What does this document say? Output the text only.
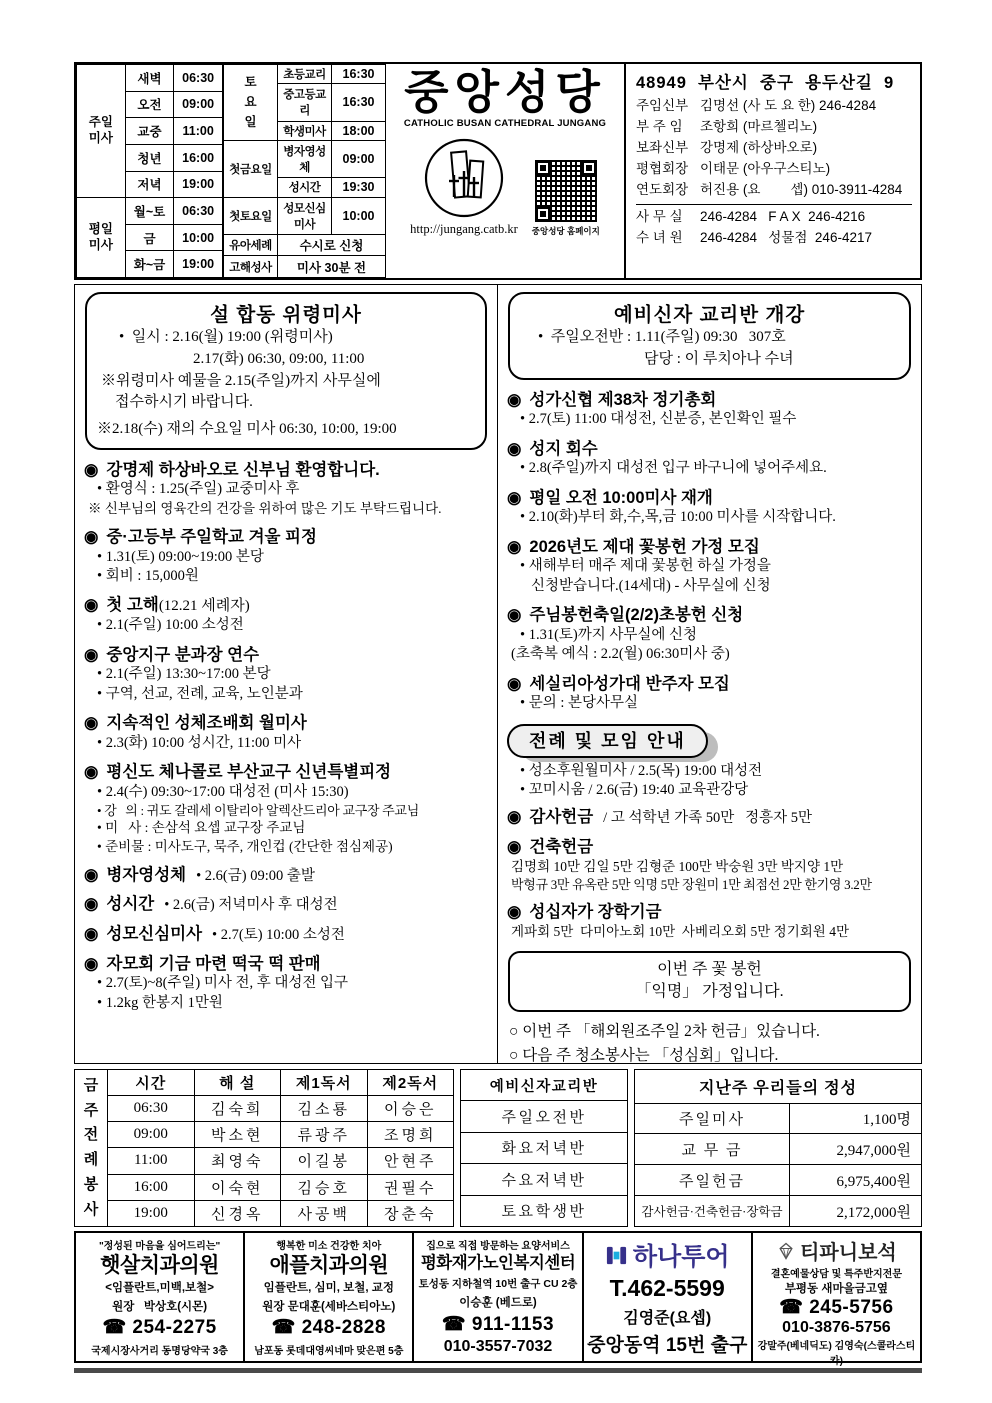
주일미사	새벽	06:30
	오전	09:00
	교중	11:00
	청년	16:00
	저녁	19:00
평일미사	월~토	06:30
	금	10:00
	화~금	19:00
토요일	초등교리	16:30
	중고등교리	16:30
	학생미사	18:00
첫금요일	병자영성체	09:00
	성시간	19:30
첫토요일	성모신심미사	10:00
유아세례	수시로 신청	
고해성사	미사 30분 전	
중앙성당
CATHOLIC BUSAN CATHEDRAL JUNGANG
http://jungang.catb.kr 중앙성당 홈페이지
48949  부산시  중구  용두산길  9
주임신부 김명선 (사 도 요 한) 246-4284
부 주 임	조항희 (마르첼리노)
보좌신부 강명제 (하상바오로)
평협회장 이태문 (아우구스티노)
연도회장 허진용 (요        셉) 010-3911-4284
사 무 실	246-4284   F A X  246-4216
수 녀 원	246-4284   성물점  246-4217
설 합동 위령미사
•  일시 : 2.16(월) 19:00 (위령미사)
2.17(화) 06:30, 09:00, 11:00
※위령미사 예물을 2.15(주일)까지 사무실에
접수하시기 바랍니다.
※2.18(수) 재의 수요일 미사 06:30, 10:00, 19:00
◉ 강명제 하상바오로 신부님 환영합니다.
• 환영식 : 1.25(주일) 교중미사 후
※ 신부님의 영육간의 건강을 위하여 많은 기도 부탁드립니다.
◉ 중·고등부 주일학교 겨울 피정
• 1.31(토) 09:00~19:00 본당
• 회비 : 15,000원
◉ 첫 고해(12.21 세례자)
• 2.1(주일) 10:00 소성전
◉ 중앙지구 분과장 연수
• 2.1(주일) 13:30~17:00 본당
• 구역, 선교, 전례, 교육, 노인분과
◉ 지속적인 성체조배회 월미사
• 2.3(화) 10:00 성시간, 11:00 미사
◉ 평신도 체나콜로 부산교구 신년특별피정
• 2.4(수) 09:30~17:00 대성전 (미사 15:30)
• 강   의 : 귀도 갈레세 이탈리아 알렉산드리아 교구장 주교님
• 미   사 : 손삼석 요셉 교구장 주교님
• 준비물 : 미사도구, 묵주, 개인컵 (간단한 점심제공)
◉ 병자영성체 • 2.6(금) 09:00 출발
◉ 성시간 • 2.6(금) 저녁미사 후 대성전
◉ 성모신심미사 • 2.7(토) 10:00 소성전
◉ 자모회 기금 마련 떡국 떡 판매
• 2.7(토)~8(주일) 미사 전, 후 대성전 입구
• 1.2kg 한봉지 1만원
예비신자 교리반 개강
•  주일오전반 : 1.11(주일) 09:30   307호
담당 : 이 루치아나 수녀
◉ 성가신협 제38차 정기총회
• 2.7(토) 11:00 대성전, 신분증, 본인확인 필수
◉ 성지 회수
• 2.8(주일)까지 대성전 입구 바구니에 넣어주세요.
◉ 평일 오전 10:00미사 재개
• 2.10(화)부터 화,수,목,금 10:00 미사를 시작합니다.
◉ 2026년도 제대 꽃봉헌 가정 모집
• 새해부터 매주 제대 꽃봉헌 하실 가정을
신청받습니다.(14세대) - 사무실에 신청
◉ 주님봉헌축일(2/2)초봉헌 신청
• 1.31(토)까지 사무실에 신청
(초축복 예식 : 2.2(월) 06:30미사 중)
◉ 세실리아성가대 반주자 모집
• 문의 : 본당사무실
전례 및 모임 안내
• 성소후원월미사 / 2.5(목) 19:00 대성전
• 꼬미시움 / 2.6(금) 19:40 교육관강당
◉ 감사헌금 / 고 석학년 가족 50만   정흥자 5만
◉ 건축헌금
김명희 10만 김일 5만 김형준 100만 박숭원 3만 박지양 1만
박형규 3만 유옥란 5만 익명 5만 장원미 1만 최점선 2만 한기영 3.2만
◉ 성십자가 장학기금
게파회 5만  다미아노회 10만  사베리오회 5만 정기회원 4만
이번 주 꽃 봉헌
「익명」 가정입니다.
○ 이번 주 「해외원조주일 2차 헌금」있습니다.
○ 다음 주 청소봉사는 「성심회」입니다.
금주전례봉사	시간	해 설	제1독서	제2독서
	06:30	김숙희	김소룡	이승은
	09:00	박소현	류광주	조명희
	11:00	최영숙	이길봉	안현주
	16:00	이숙현	김승호	권필수
	19:00	신경옥	사공백	장춘숙
예비신자교리반
주일오전반
화요저녁반
수요저녁반
토요학생반
지난주 우리들의 정성	
주일미사	1,100명
교 무 금	2,947,000원
주일헌금	6,975,400원
감사헌금·건축헌금·장학금	2,172,000원
"정성된 마음을 심어드리는"
햇살치과의원
<임플란트,미백,보철>
원장   박상호(시몬)
☎ 254-2275
국제시장사거리 동명당약국 3층
행복한 미소 건강한 치아
애플치과의원
임플란트, 심미, 보철, 교정
원장 문대훈(세바스티아노)
☎ 248-2828
남포동 롯데대영씨네마 맞은편 5층
집으로 직접 방문하는 요양서비스
평화재가노인복지센터
토성동 지하철역 10번 출구 CU 2층
이승훈 (베드로)
☎ 911-1153
010-3557-7032
하나투어
T.462-5599
김영준(요셉)
중앙동역 15번 출구
티파니보석
결혼예물상담 및 특주반지전문
부평동 새마을금고옆
☎ 245-5756
010-3876-5756
강말주(베네딕도) 김영숙(스콜라스티카)
